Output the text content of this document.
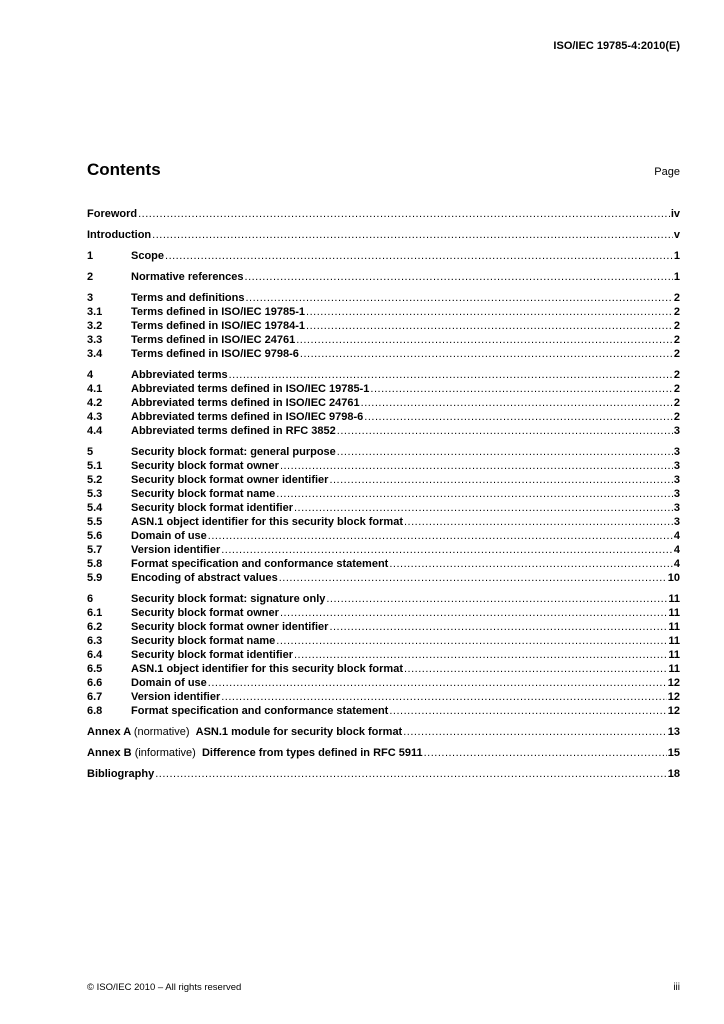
ISO/IEC 19785-4:2010(E)
Contents	Page
Foreword .....	iv
Introduction .....	v
1	Scope .....	1
2	Normative references .....	1
3	Terms and definitions .....	2
3.1	Terms defined in ISO/IEC 19785-1 .....	2
3.2	Terms defined in ISO/IEC 19784-1 .....	2
3.3	Terms defined in ISO/IEC 24761 .....	2
3.4	Terms defined in ISO/IEC 9798-6 .....	2
4	Abbreviated terms .....	2
4.1	Abbreviated terms defined in ISO/IEC 19785-1 .....	2
4.2	Abbreviated terms defined in ISO/IEC 24761 .....	2
4.3	Abbreviated terms defined in ISO/IEC 9798-6 .....	2
4.4	Abbreviated terms defined in RFC 3852 .....	3
5	Security block format: general purpose .....	3
5.1	Security block format owner .....	3
5.2	Security block format owner identifier .....	3
5.3	Security block format name .....	3
5.4	Security block format identifier .....	3
5.5	ASN.1 object identifier for this security block format .....	3
5.6	Domain of use .....	4
5.7	Version identifier .....	4
5.8	Format specification and conformance statement .....	4
5.9	Encoding of abstract values .....	10
6	Security block format: signature only .....	11
6.1	Security block format owner .....	11
6.2	Security block format owner identifier .....	11
6.3	Security block format name .....	11
6.4	Security block format identifier .....	11
6.5	ASN.1 object identifier for this security block format .....	11
6.6	Domain of use .....	12
6.7	Version identifier .....	12
6.8	Format specification and conformance statement .....	12
Annex A (normative) ASN.1 module for security block format .....	13
Annex B (informative) Difference from types defined in RFC 5911 .....	15
Bibliography .....	18
© ISO/IEC 2010 – All rights reserved	iii
